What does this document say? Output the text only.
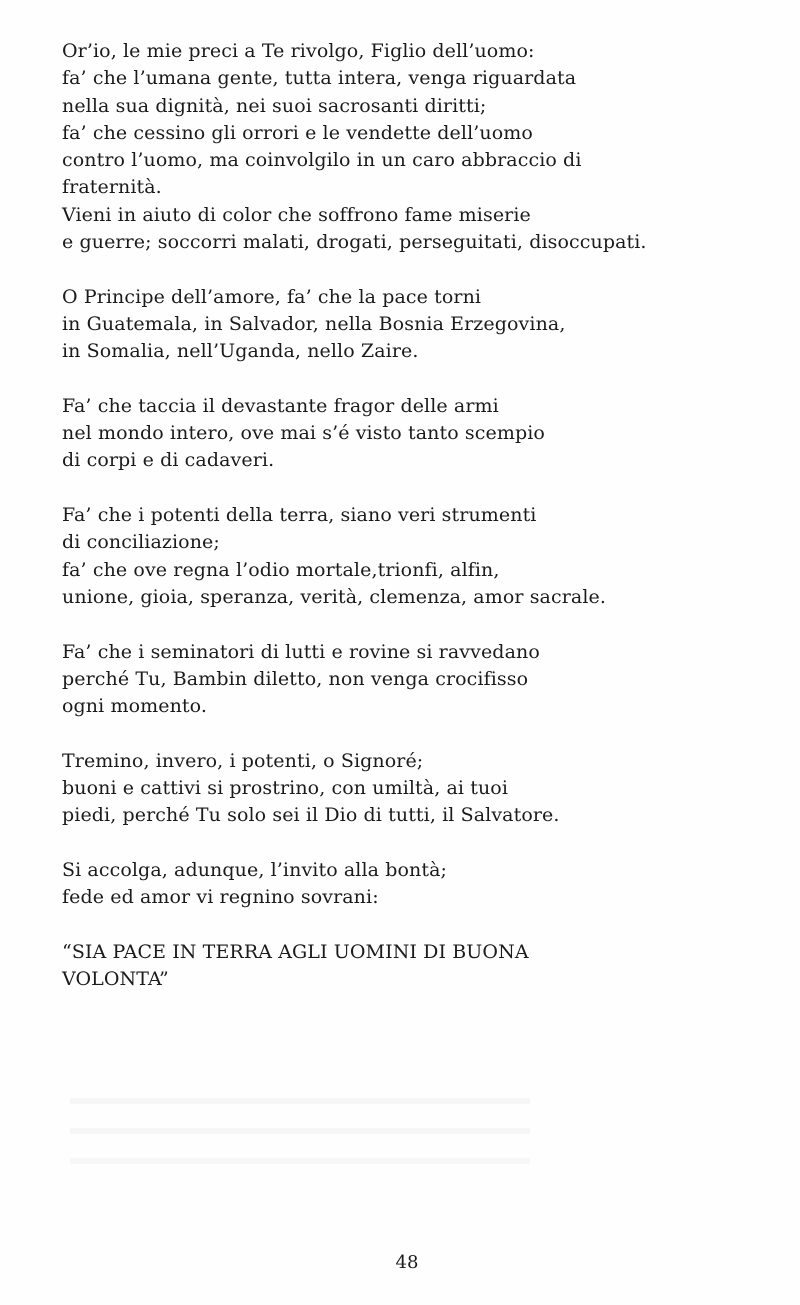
Or’io, le mie preci a Te rivolgo, Figlio dell’uomo:
fa’ che l’umana gente, tutta intera, venga riguardata
nella sua dignità, nei suoi sacrosanti diritti;
fa’ che cessino gli orrori e le vendette dell’uomo
contro l’uomo, ma coinvolgilo in un caro abbraccio di
fraternità.
Vieni in aiuto di color che soffrono fame miserie
e guerre; soccorri malati, drogati, perseguitati, disoccupati.
O Principe dell’amore, fa’ che la pace torni
in Guatemala, in Salvador, nella Bosnia Erzegovina,
in Somalia, nell’Uganda, nello Zaire.
Fa’ che taccia il devastante fragor delle armi
nel mondo intero, ove mai s’é visto tanto scempio
di corpi e di cadaveri.
Fa’ che i potenti della terra, siano veri strumenti
di conciliazione;
fa’ che ove regna l’odio mortale,trionfi, alfin,
unione, gioia, speranza, verità, clemenza, amor sacrale.
Fa’ che i seminatori di lutti e rovine si ravvedano
perché Tu, Bambin diletto, non venga crocifisso
ogni momento.
Tremino, invero, i potenti, o Signoré;
buoni e cattivi si prostrino, con umiltà, ai tuoi
piedi, perché Tu solo sei il Dio di tutti, il Salvatore.
Si accolga, adunque, l’invito alla bontà;
fede ed amor vi regnino sovrani:
“SIA PACE IN TERRA AGLI UOMINI DI BUONA
VOLONTA”
48
